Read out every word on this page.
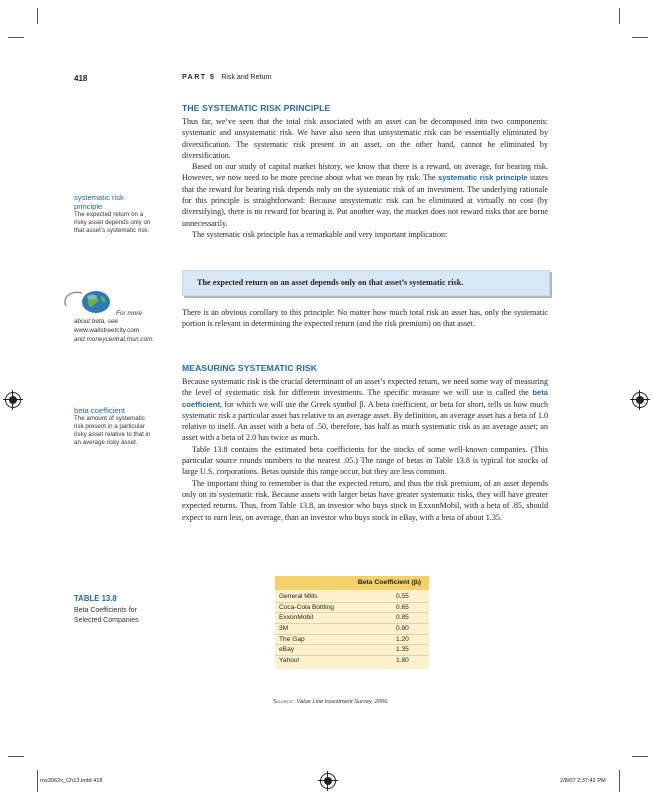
418	PART 5 Risk and Return
THE SYSTEMATIC RISK PRINCIPLE

Thus far, we’ve seen that the total risk associated with an asset can be decomposed into two components: systematic and unsystematic risk. We have also seen that unsystematic risk can be essentially eliminated by diversification. The systematic risk present in an asset, on the other hand, cannot be eliminated by diversification.

Based on our study of capital market history, we know that there is a reward, on average, for bearing risk. However, we now need to be more precise about what we mean by risk. The systematic risk principle states that the reward for bearing risk depends only on the systematic risk of an investment. The underlying rationale for this principle is straightforward: Because unsystematic risk can be eliminated at virtually no cost (by diversifying), there is no reward for bearing it. Put another way, the market does not reward risks that are borne unnecessarily.

The systematic risk principle has a remarkable and very important implication:

systematic risk
principle
The expected return on a
risky asset depends only on
that asset’s systematic risk.
The expected return on an asset depends only on that asset’s systematic risk.
For more
about beta, see
www.wallstreetcity.com
and moneycentral.msn.com.

There is an obvious corollary to this principle: No matter how much total risk an asset has, only the systematic portion is relevant in determining the expected return (and the risk premium) on that asset.

MEASURING SYSTEMATIC RISK

Because systematic risk is the crucial determinant of an asset’s expected return, we need some way of measuring the level of systematic risk for different investments. The specific measure we will use is called the beta coefficient, for which we will use the Greek symbol β. A beta coefficient, or beta for short, tells us how much systematic risk a particular asset has relative to an average asset. By definition, an average asset has a beta of 1.0 relative to itself. An asset with a beta of .50, therefore, has half as much systematic risk as an average asset; an asset with a beta of 2.0 has twice as much.

Table 13.8 contains the estimated beta coefficients for the stocks of some well-known companies. (This particular source rounds numbers to the nearest .05.) The range of betas in Table 13.8 is typical for stocks of large U.S. corporations. Betas outside this range occur, but they are less common.

The important thing to remember is that the expected return, and thus the risk premium, of an asset depends only on its systematic risk. Because assets with larger betas have greater systematic risks, they will have greater expected returns. Thus, from Table 13.8, an investor who buys stock in ExxonMobil, with a beta of .85, should expect to earn less, on average, than an investor who buys stock in eBay, with a beta of about 1.35.

beta coefficient
The amount of systematic
risk present in a particular
risky asset relative to that in
an average risky asset.
TABLE 13.8
Beta Coefficients for
Selected Companies
Beta Coefficient (βᵢ)
General Mills	0.55
Coca-Cola Bottling	0.65
ExxonMobil	0.85
3M	0.90
The Gap	1.20
eBay	1.35
Yahoo!	1.80
Source: Value Line Investment Survey, 2006.
ros3062x_Ch13.indd 418	2/8/07 2:37:42 PM
